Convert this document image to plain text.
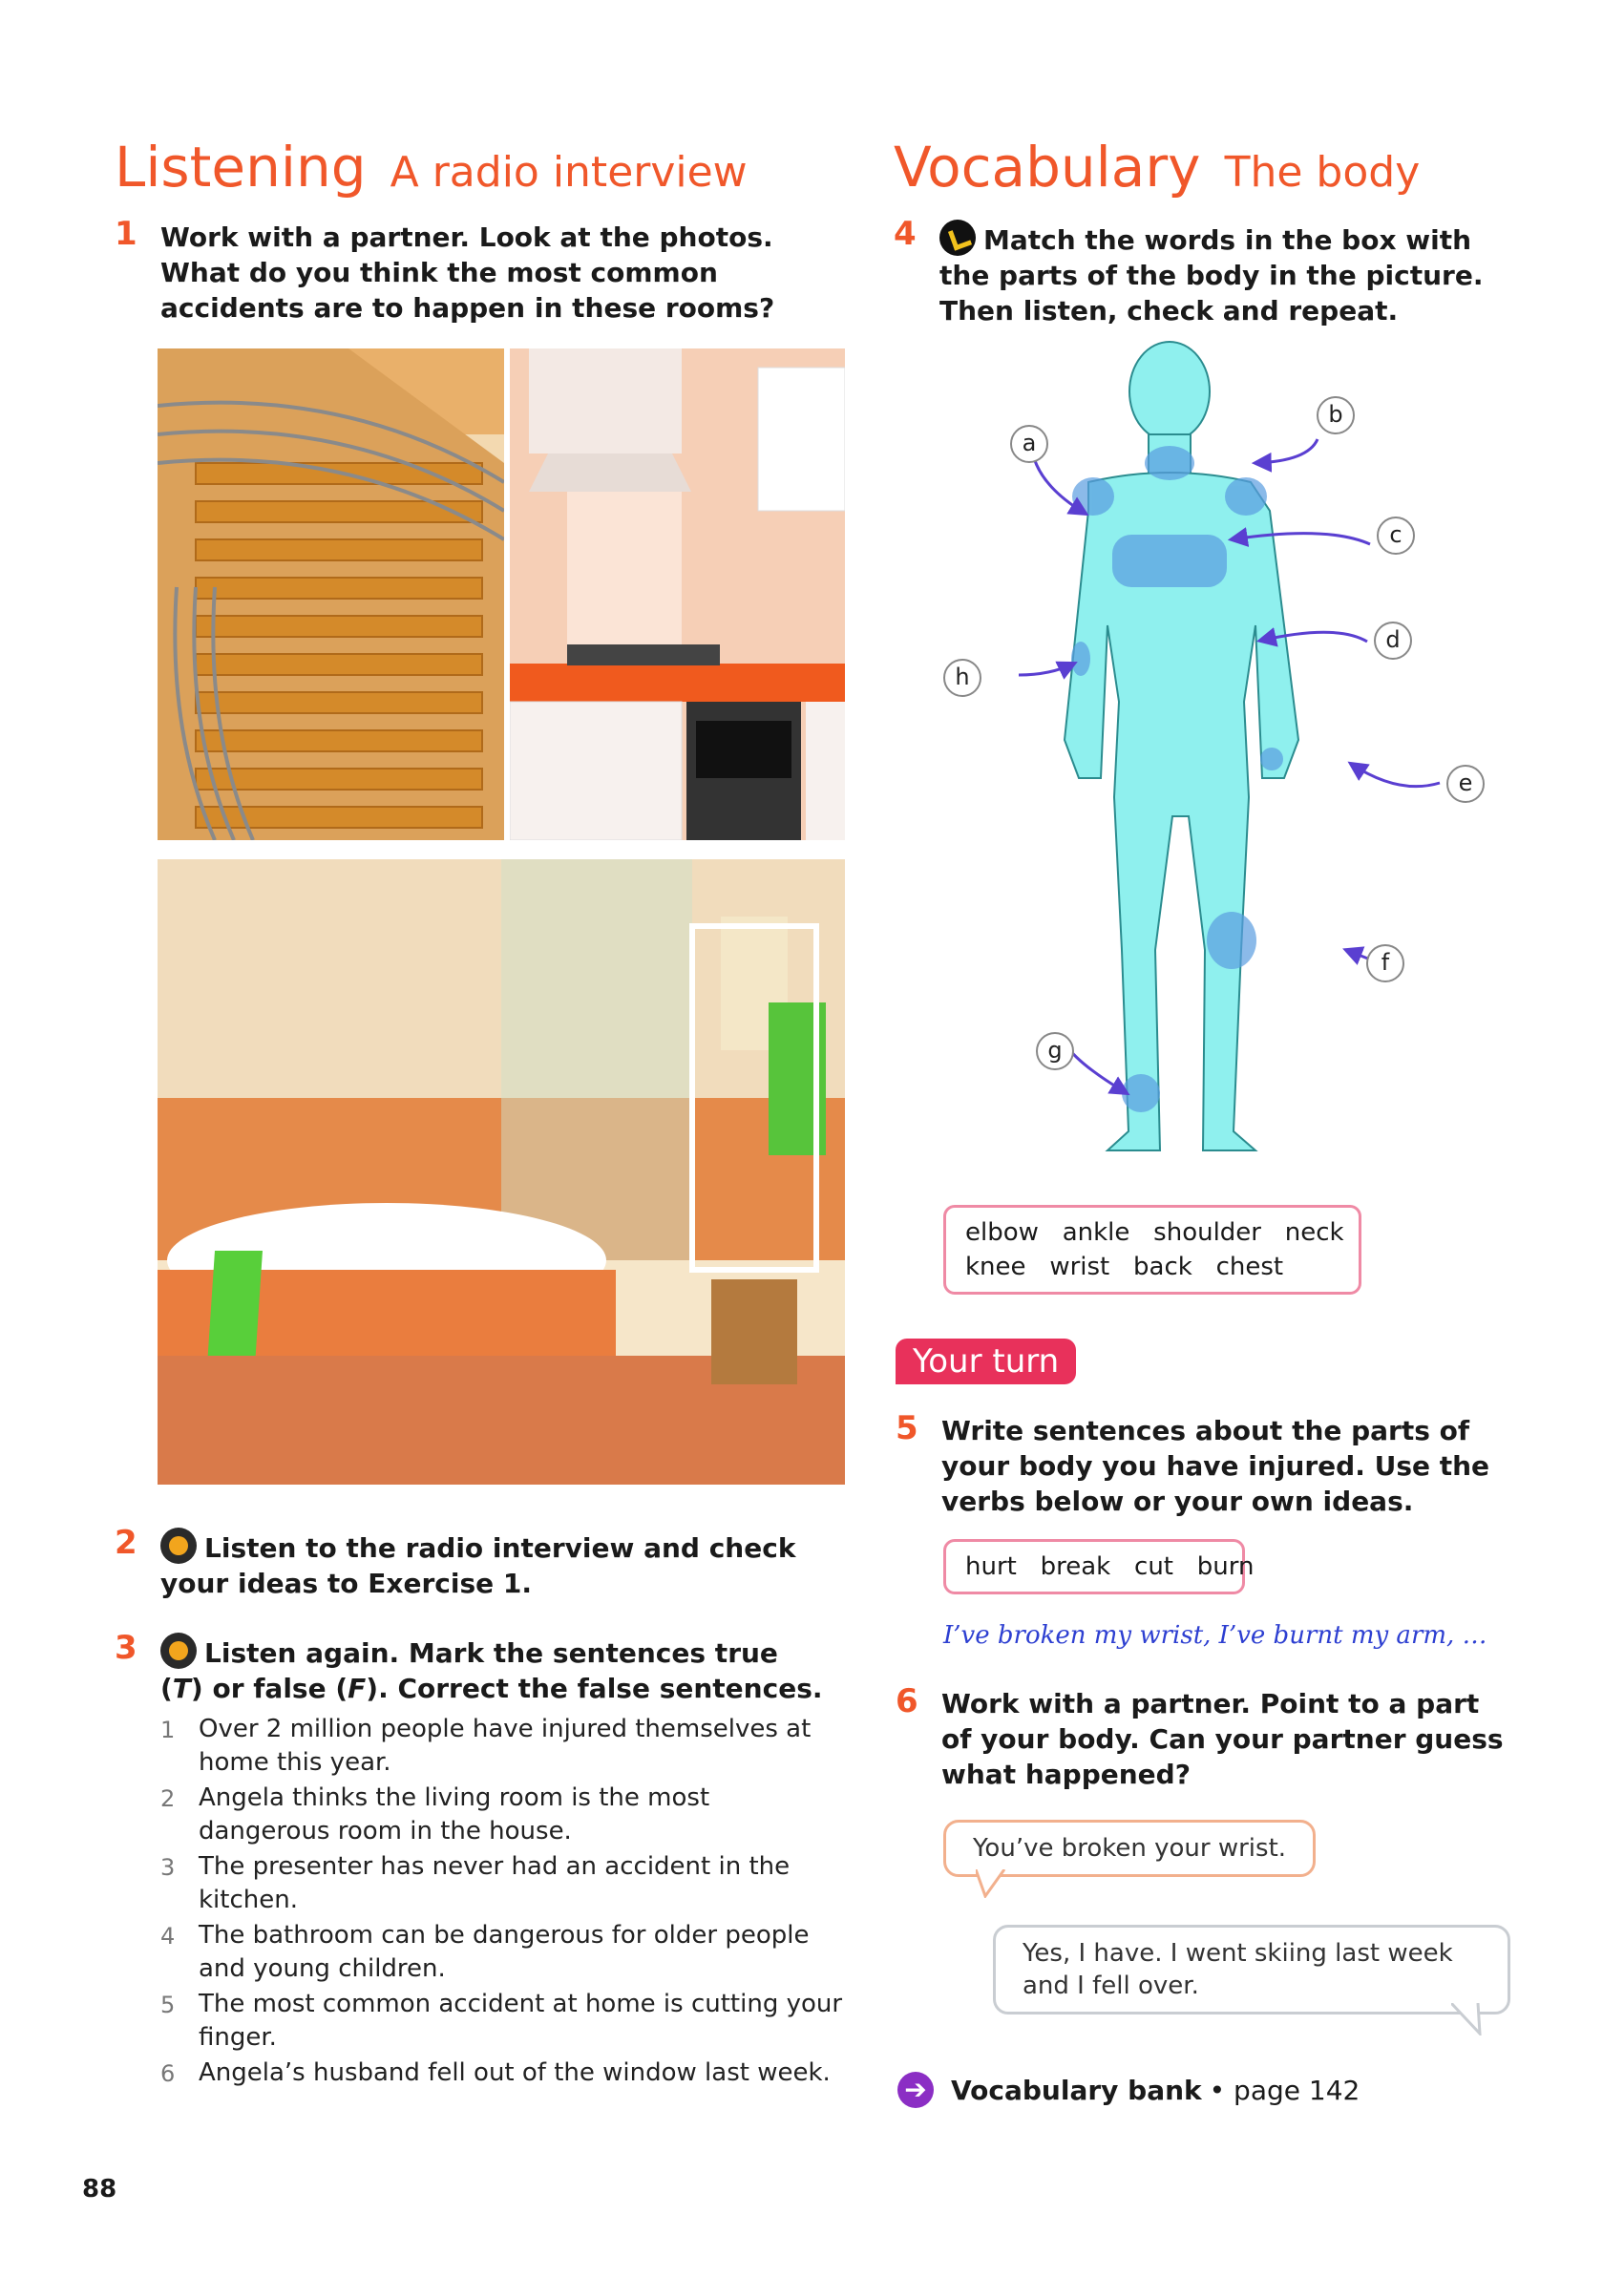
Listening A radio interview
1 Work with a partner. Look at the photos. What do you think the most common accidents are to happen in these rooms?
2	Listen to the radio interview and check your ideas to Exercise 1.
3	Listen again. Mark the sentences true (T) or false (F). Correct the false sentences.
1 Over 2 million people have injured themselves at home this year.
2 Angela thinks the living room is the most dangerous room in the house.
3 The presenter has never had an accident in the kitchen.
4 The bathroom can be dangerous for older people and young children.
5 The most common accident at home is cutting your finger.
6 Angela’s husband fell out of the window last week.
88
Vocabulary The body
4	Match the words in the box with the parts of the body in the picture. Then listen, check and repeat.
a
b
c
d
e
f
g
h
elbow   ankle   shoulder   neck
knee   wrist   back   chest
Your turn
5 Write sentences about the parts of your body you have injured. Use the verbs below or your own ideas.
hurt   break   cut   burn
I’ve broken my wrist, I’ve burnt my arm, …
6 Work with a partner. Point to a part of your body. Can your partner guess what happened?
You’ve broken your wrist.
Yes, I have. I went skiing last week and I fell over.
➔ Vocabulary bank • page 142
